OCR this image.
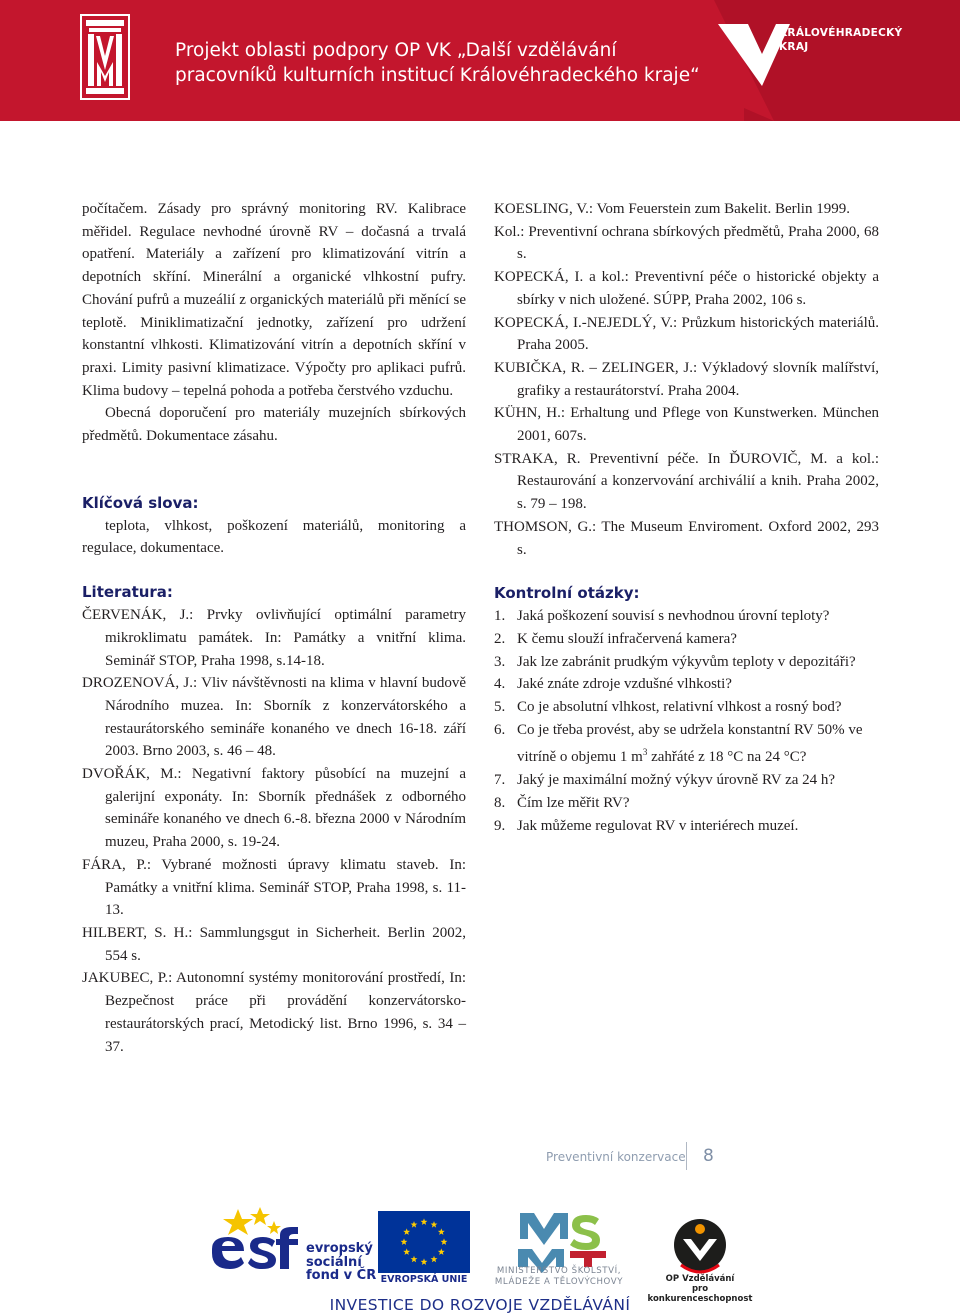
Projekt oblasti podpory OP VK „Další vzdělávání
pracovníků kulturních institucí Královéhradeckého kraje“
KRÁLOVÉHRADECKÝ
KRAJ

počítačem. Zásady pro správný monitoring RV. Kalibrace měřidel. Regulace nevhodné úrovně RV – dočasná a trvalá opatření. Materiály a zařízení pro klimatizování vitrín a depotních skříní. Minerální a organické vlhkostní pufry. Chování pufrů a muzeálií z organických materiálů při měnící se teplotě. Miniklimatizační jednotky, zařízení pro udržení konstantní vlhkosti. Klimatizování vitrín a depotních skříní v praxi. Limity pasivní klimatizace. Výpočty pro aplikaci pufrů. Klima budovy – tepelná pohoda a potřeba čerstvého vzduchu.

Obecná doporučení pro materiály muzejních sbírkových předmětů. Dokumentace zásahu.

Klíčová slova:

teplota, vlhkost, poškození materiálů, monitoring a regulace, dokumentace.

Literatura:

ČERVENÁK, J.: Prvky ovlivňující optimální parametry mikroklimatu památek. In: Památky a vnitřní klima. Seminář STOP, Praha 1998, s.14-18.

DROZENOVÁ, J.: Vliv návštěvnosti na klima v hlavní budově Národního muzea. In: Sborník z konzervátorského a restaurátorského semináře konaného ve dnech 16-18. září 2003. Brno 2003, s. 46 – 48.

DVOŘÁK, M.: Negativní faktory působící na muzejní a galerijní exponáty. In: Sborník přednášek z odborného semináře konaného ve dnech 6.-8. března 2000 v Národním muzeu, Praha 2000, s. 19-24.

FÁRA, P.: Vybrané možnosti úpravy klimatu staveb. In: Památky a vnitřní klima. Seminář STOP, Praha 1998, s. 11-13.

HILBERT, S. H.: Sammlungsgut in Sicherheit. Berlin 2002, 554 s.

JAKUBEC, P.: Autonomní systémy monitorování prostředí, In: Bezpečnost práce při provádění konzervátorsko-restaurátorských prací, Metodický list. Brno 1996, s. 34 – 37.

KOESLING, V.: Vom Feuerstein zum Bakelit. Berlin 1999.

Kol.: Preventivní ochrana sbírkových předmětů, Praha 2000, 68 s.

KOPECKÁ, I. a kol.: Preventivní péče o historické objekty a sbírky v nich uložené. SÚPP, Praha 2002, 106 s.

KOPECKÁ, I.-NEJEDLÝ, V.: Průzkum historických materiálů. Praha 2005.

KUBIČKA, R. – ZELINGER, J.: Výkladový slovník malířství, grafiky a restaurátorství. Praha 2004.

KÜHN, H.: Erhaltung und Pflege von Kunstwerken. München 2001, 607s.

STRAKA, R. Preventivní péče. In ĎUROVIČ, M. a kol.: Restaurování a konzervování archiválií a knih. Praha 2002, s. 79 – 198.

THOMSON, G.: The Museum Enviroment. Oxford 2002, 293 s.

Kontrolní otázky:
1. Jaká poškození souvisí s nevhodnou úrovní teploty?
2. K čemu slouží infračervená kamera?
3. Jak lze zabránit prudkým výkyvům teploty v depozitáři?
4. Jaké znáte zdroje vzdušné vlhkosti?
5. Co je absolutní vlhkost, relativní vlhkost a rosný bod?
6. Co je třeba provést, aby se udržela konstantní RV 50% ve vitríně o objemu 1 $m^3$ zahřáté z 18 °C na 24 °C?
7. Jaký je maximální možný výkyv úrovně RV za 24 h?
8. Čím lze měřit RV?
9. Jak můžeme regulovat RV v interiérech muzeí.
Preventivní konzervace 8
evropský
sociální
fond v ČR EVROPSKÁ UNIE
MINISTERSTVO ŠKOLSTVÍ,
MLÁDEŽE A TĚLOVÝCHOVY	OP Vzdělávání
pro konkurenceschopnost
INVESTICE DO ROZVOJE VZDĚLÁVÁNÍ
